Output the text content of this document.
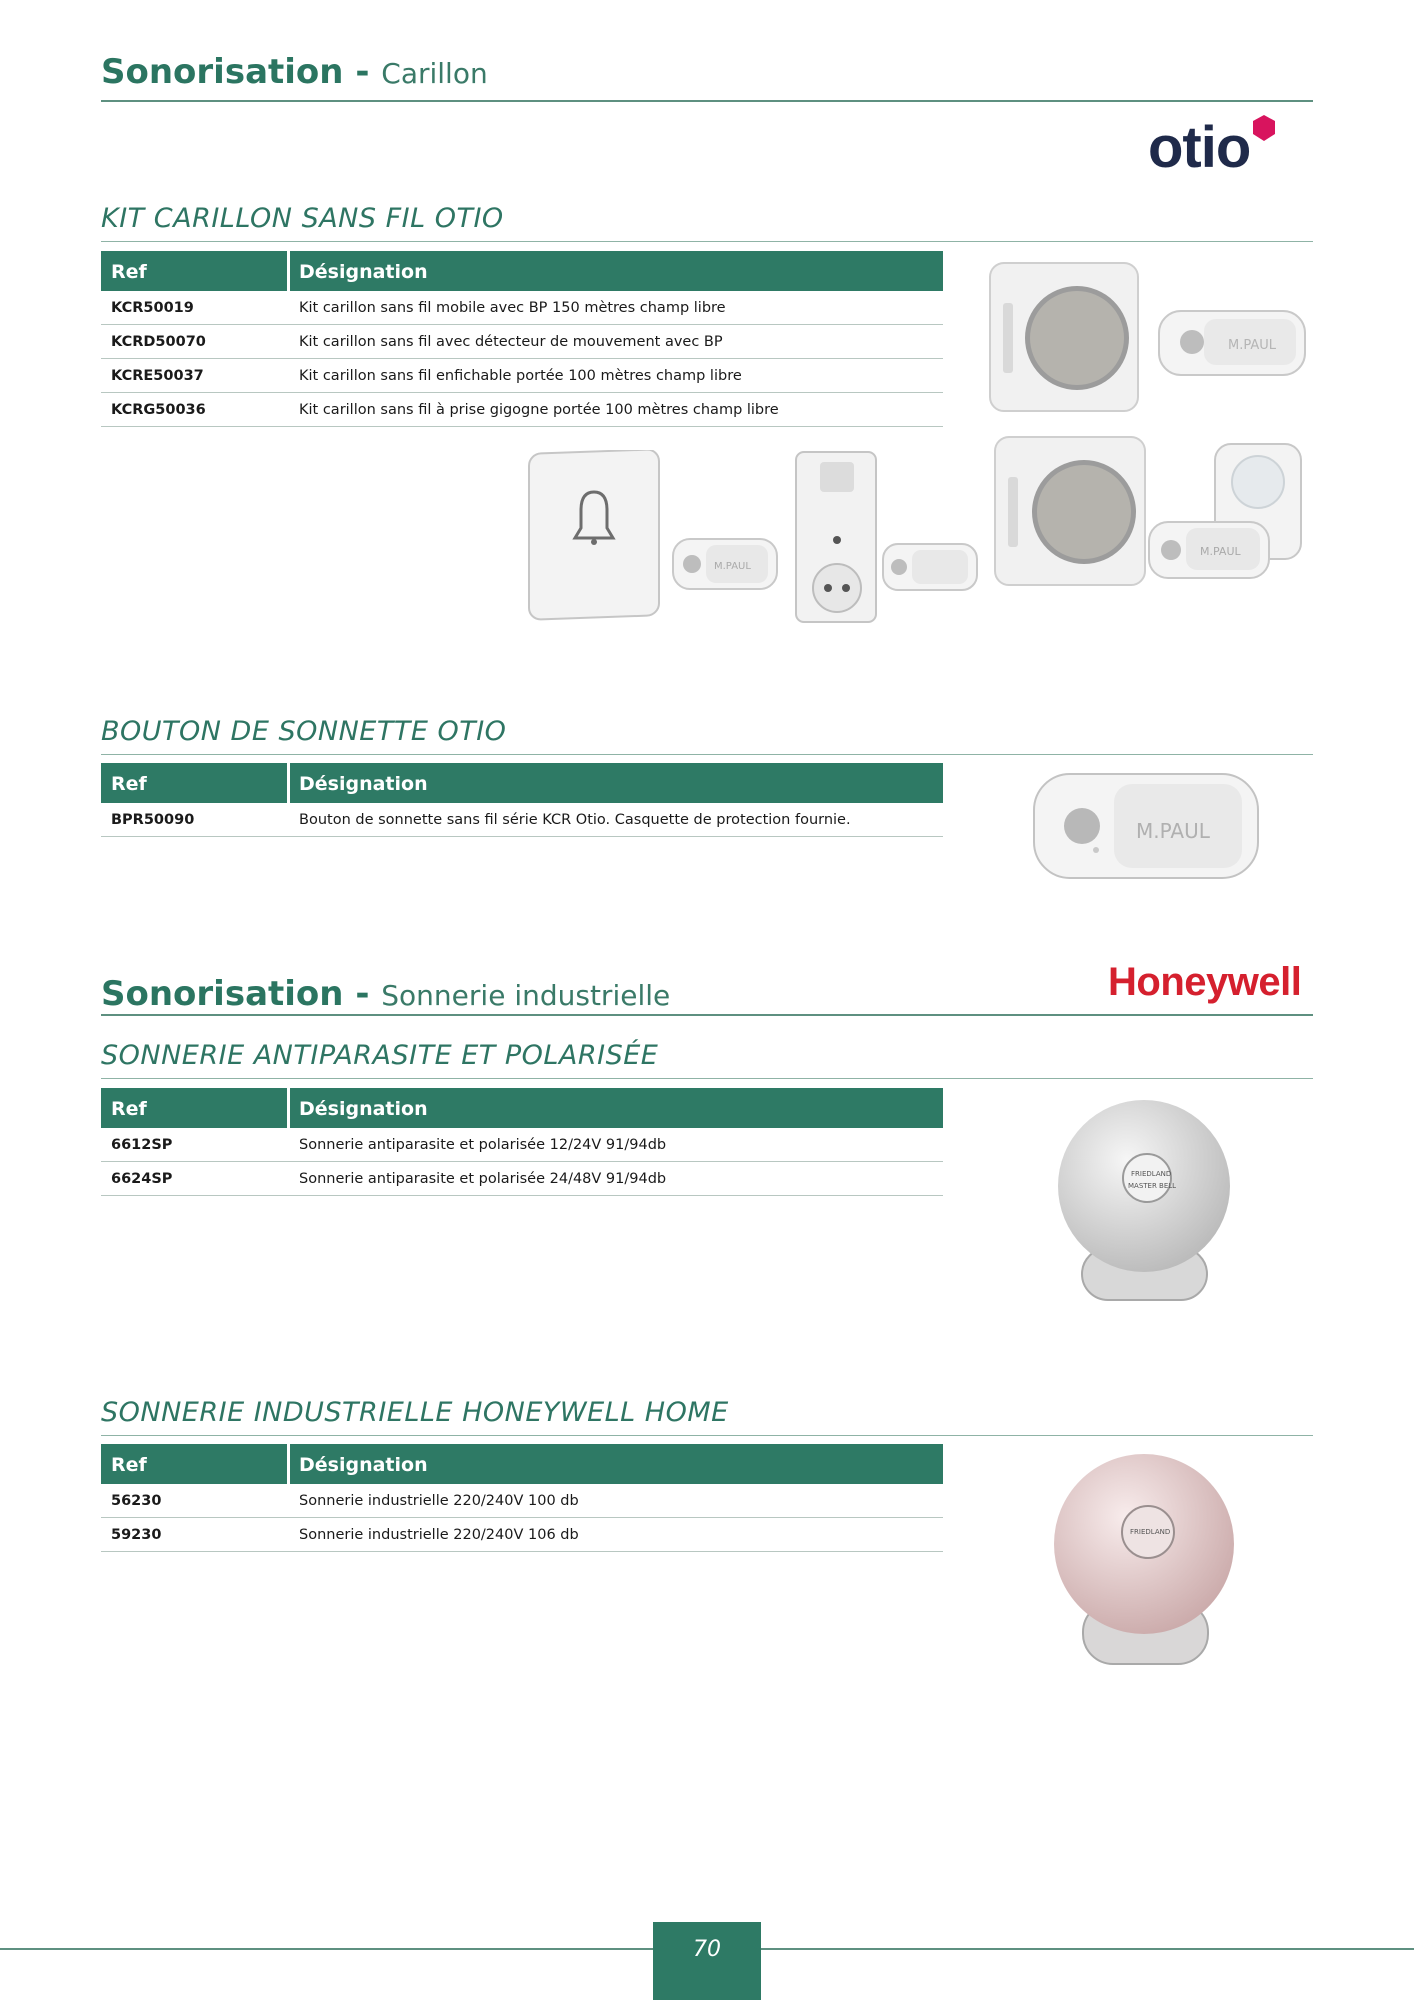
Sonorisation - Carillon
otio
KIT CARILLON SANS FIL OTIO
Ref	Désignation
KCR50019	Kit carillon sans fil mobile avec BP 150 mètres champ libre
KCRD50070	Kit carillon sans fil avec détecteur de mouvement avec BP
KCRE50037	Kit carillon sans fil enfichable portée 100 mètres champ libre
KCRG50036	Kit carillon sans fil à prise gigogne portée 100 mètres champ libre
M.PAUL
M.PAUL
M.PAUL
BOUTON DE SONNETTE OTIO
Ref	Désignation
BPR50090	Bouton de sonnette sans fil série KCR Otio. Casquette de protection fournie.	M.PAUL
Sonorisation - Sonnerie industrielle	Honeywell
SONNERIE ANTIPARASITE ET POLARISÉE
Ref	Désignation
6612SP	Sonnerie antiparasite et polarisée 12/24V 91/94db
6624SP	Sonnerie antiparasite et polarisée 24/48V 91/94db	FRIEDLAND
MASTER BELL
SONNERIE INDUSTRIELLE HONEYWELL HOME
Ref	Désignation
56230	Sonnerie industrielle 220/240V 100 db
59230	Sonnerie industrielle 220/240V 106 db	FRIEDLAND
70
